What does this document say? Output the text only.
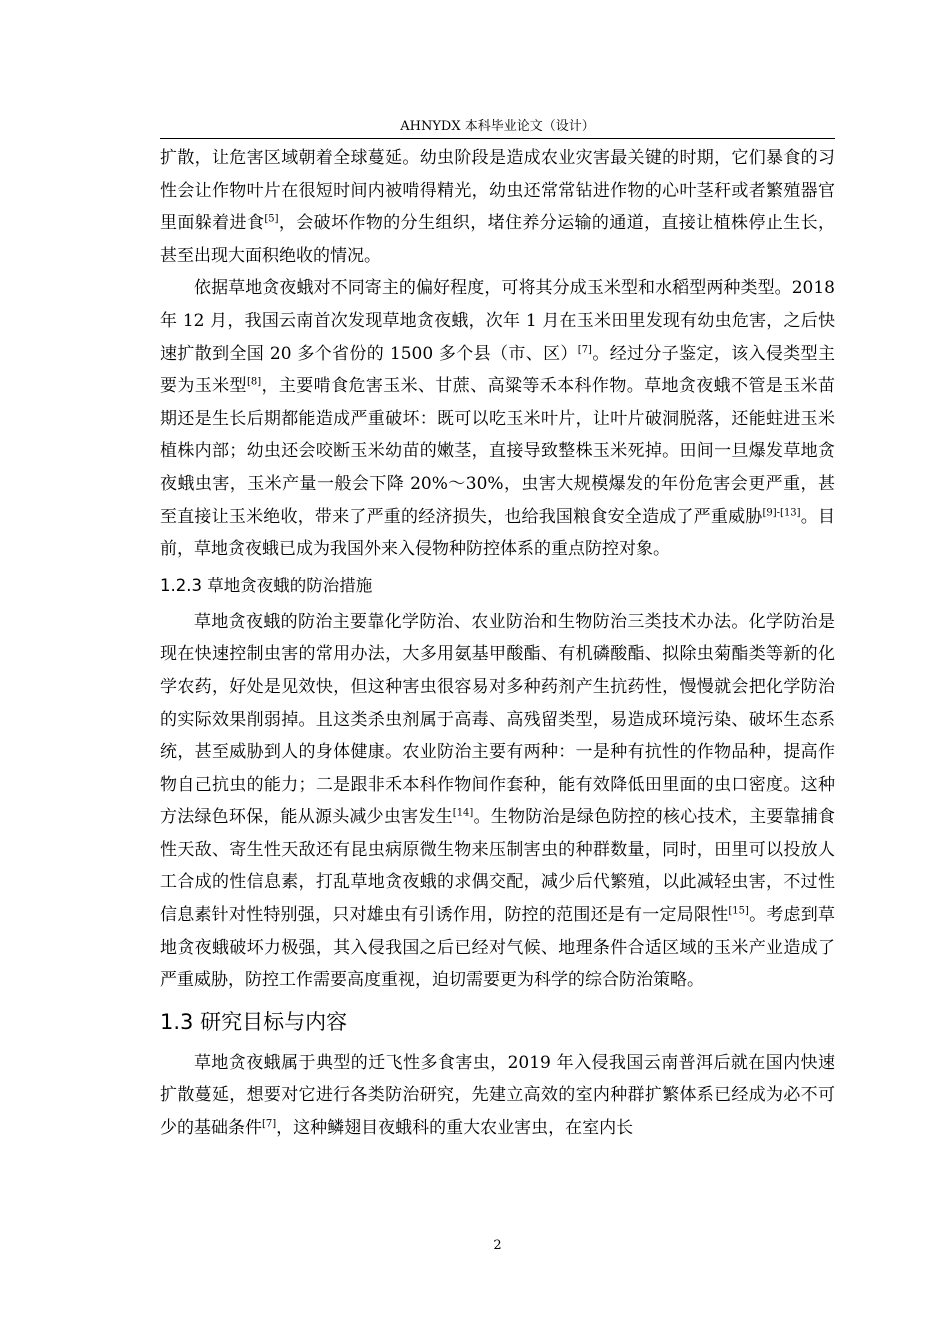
AHNYDX 本科毕业论文（设计）

扩散，让危害区域朝着全球蔓延。幼虫阶段是造成农业灾害最关键的时期，它们暴食的习性会让作物叶片在很短时间内被啃得精光，幼虫还常常钻进作物的心叶茎秆或者繁殖器官里面躲着进食[5]，会破坏作物的分生组织，堵住养分运输的通道，直接让植株停止生长，甚至出现大面积绝收的情况。

依据草地贪夜蛾对不同寄主的偏好程度，可将其分成玉米型和水稻型两种类型。2018 年 12 月，我国云南首次发现草地贪夜蛾，次年 1 月在玉米田里发现有幼虫危害，之后快速扩散到全国 20 多个省份的 1500 多个县（市、区）[7]。经过分子鉴定，该入侵类型主要为玉米型[8]，主要啃食危害玉米、甘蔗、高粱等禾本科作物。草地贪夜蛾不管是玉米苗期还是生长后期都能造成严重破坏：既可以吃玉米叶片，让叶片破洞脱落，还能蛀进玉米植株内部；幼虫还会咬断玉米幼苗的嫩茎，直接导致整株玉米死掉。田间一旦爆发草地贪夜蛾虫害，玉米产量一般会下降 20%～30%，虫害大规模爆发的年份危害会更严重，甚至直接让玉米绝收，带来了严重的经济损失，也给我国粮食安全造成了严重威胁[9]-[13]。目前，草地贪夜蛾已成为我国外来入侵物种防控体系的重点防控对象。

1.2.3 草地贪夜蛾的防治措施

草地贪夜蛾的防治主要靠化学防治、农业防治和生物防治三类技术办法。化学防治是现在快速控制虫害的常用办法，大多用氨基甲酸酯、有机磷酸酯、拟除虫菊酯类等新的化学农药，好处是见效快，但这种害虫很容易对多种药剂产生抗药性，慢慢就会把化学防治的实际效果削弱掉。且这类杀虫剂属于高毒、高残留类型，易造成环境污染、破坏生态系统，甚至威胁到人的身体健康。农业防治主要有两种：一是种有抗性的作物品种，提高作物自己抗虫的能力；二是跟非禾本科作物间作套种，能有效降低田里面的虫口密度。这种方法绿色环保，能从源头减少虫害发生[14]。生物防治是绿色防控的核心技术，主要靠捕食性天敌、寄生性天敌还有昆虫病原微生物来压制害虫的种群数量，同时，田里可以投放人工合成的性信息素，打乱草地贪夜蛾的求偶交配，减少后代繁殖，以此减轻虫害，不过性信息素针对性特别强，只对雄虫有引诱作用，防控的范围还是有一定局限性[15]。考虑到草地贪夜蛾破坏力极强，其入侵我国之后已经对气候、地理条件合适区域的玉米产业造成了严重威胁，防控工作需要高度重视，迫切需要更为科学的综合防治策略。

1.3 研究目标与内容

草地贪夜蛾属于典型的迁飞性多食害虫，2019 年入侵我国云南普洱后就在国内快速扩散蔓延，想要对它进行各类防治研究，先建立高效的室内种群扩繁体系已经成为必不可少的基础条件[7]，这种鳞翅目夜蛾科的重大农业害虫，在室内长

2
